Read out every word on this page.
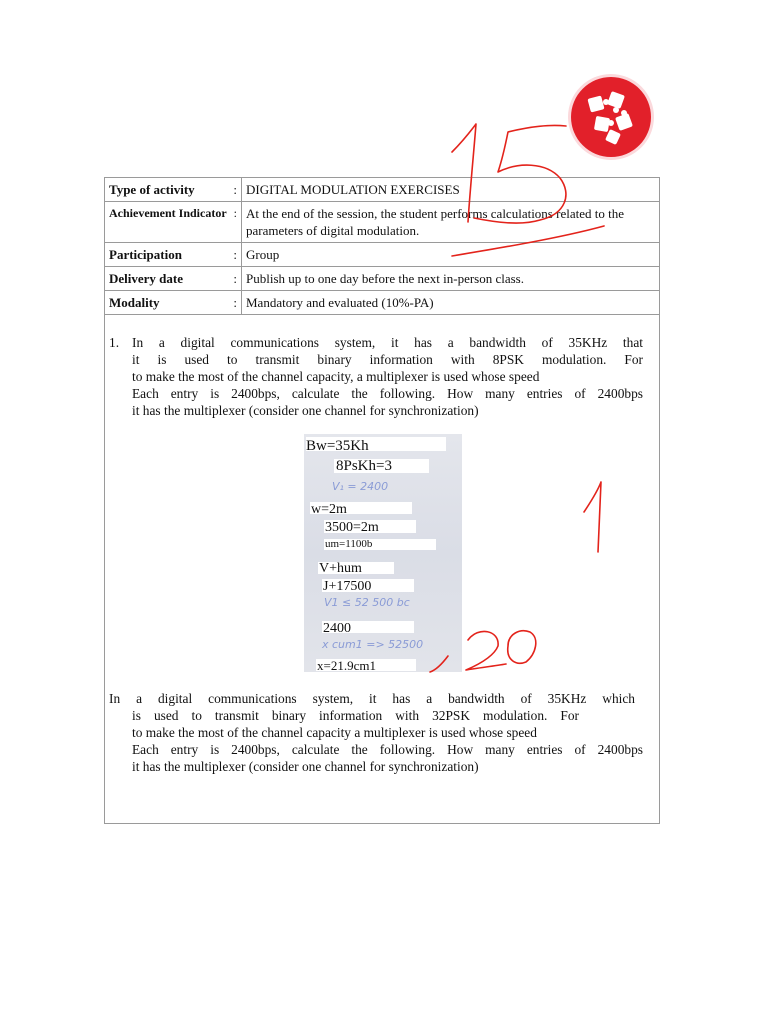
Type of activity :	DIGITAL MODULATION EXERCISES
Achievement Indicator :	At the end of the session, the student performs calculations related to the parameters of digital modulation.
Participation :	Group
Delivery date :	Publish up to one day before the next in-person class.
Modality :	Mandatory and evaluated (10%-PA)
1. In a digital communications system, it has a bandwidth of 35KHz that
it is used to transmit binary information with 8PSK modulation. For
to make the most of the channel capacity, a multiplexer is used whose speed
Each entry is 2400bps, calculate the following. How many entries of 2400bps
it has the multiplexer (consider one channel for synchronization)
Bw=35Kh
8PsKh=3
V₁ = 2400
w=2m
3500=2m
um=1100b
V+hum
J+17500
V1 ≤ 52 500 bc
2400
x cum1 => 52500
x=21.9cm1
In a digital communications system, it has a bandwidth of 35KHz which
is used to transmit binary information with 32PSK modulation. For
to make the most of the channel capacity a multiplexer is used whose speed
Each entry is 2400bps, calculate the following. How many entries of 2400bps
it has the multiplexer (consider one channel for synchronization)
